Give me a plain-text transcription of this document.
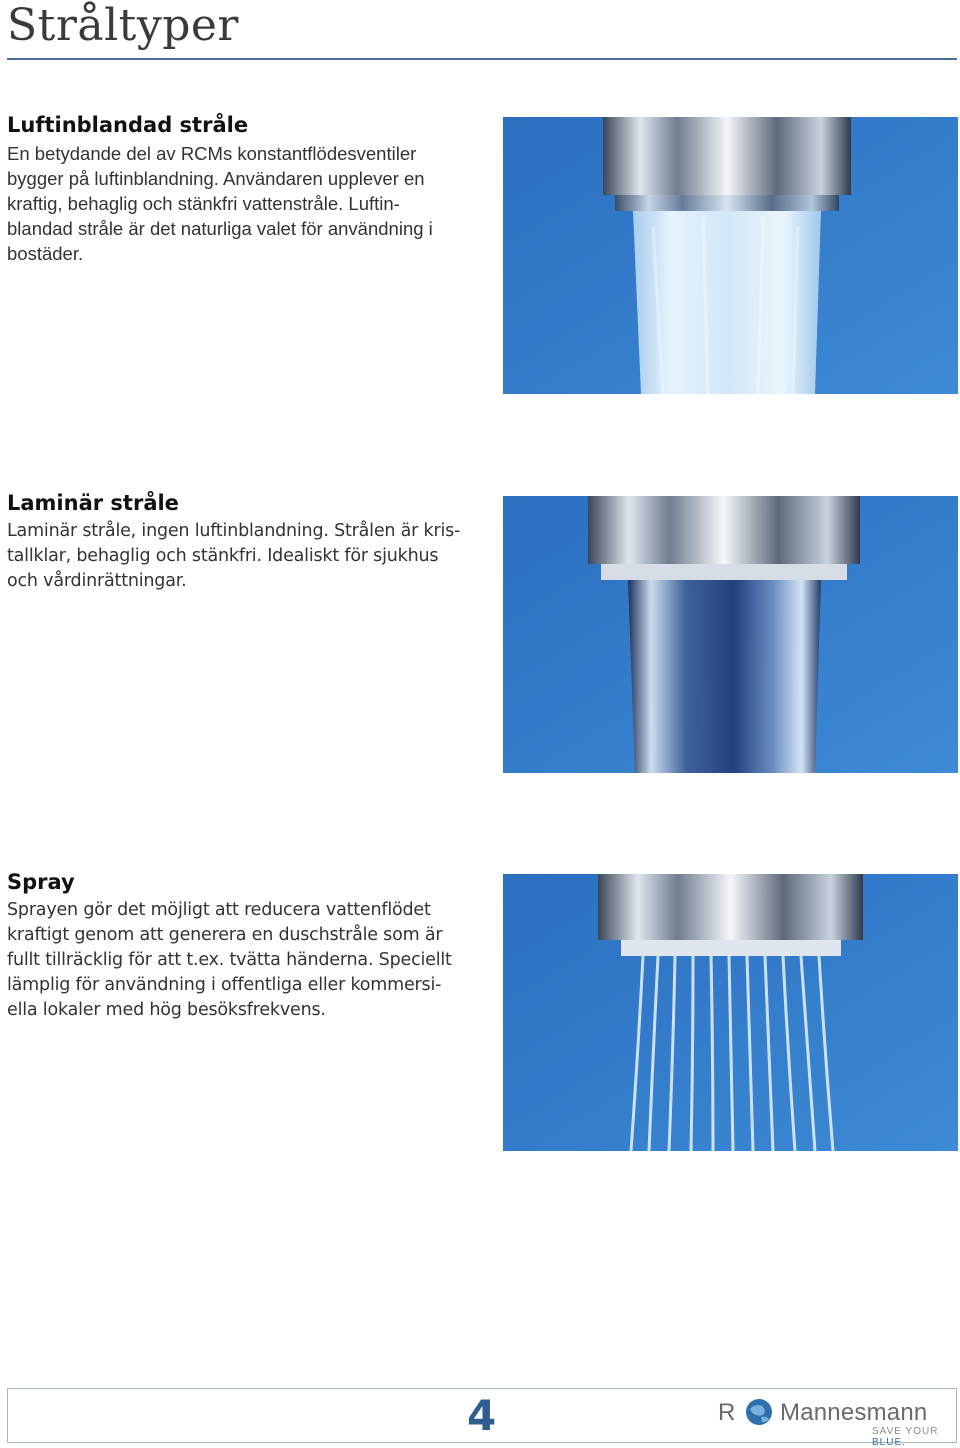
Stråltyper
Luftinblandad stråle

En betydande del av RCMs konstantflödesventiler
bygger på luftinblandning. Användaren upplever en
kraftig, behaglig och stänkfri vattenstråle. Luftin-
blandad stråle är det naturliga valet för användning i
bostäder.

Laminär stråle

Laminär stråle, ingen luftinblandning. Strålen är kris-
tallklar, behaglig och stänkfri. Idealiskt för sjukhus
och vårdinrättningar.

Spray

Sprayen gör det möjligt att reducera vattenflödet
kraftigt genom att generera en duschstråle som är
fullt tillräcklig för att t.ex. tvätta händerna. Speciellt
lämplig för användning i offentliga eller kommersi-
ella lokaler med hög besöksfrekvens.

4	R Mannesmann
SAVE YOUR BLUE.
